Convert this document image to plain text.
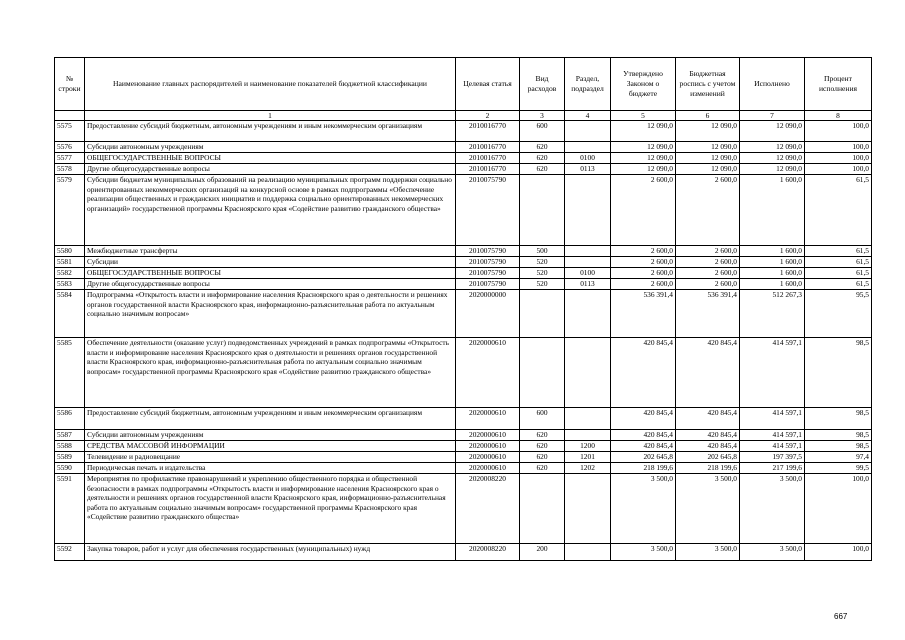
№ строки	Наименование главных распорядителей и наименование показателей бюджетной классификации	Целевая статья	Вид расходов	Раздел, подраздел	Утверждено Законом о бюджете	Бюджетная роспись с учетом изменений	Исполнено	Процент исполнения
	1	2	3	4	5	6	7	8
5575	Предоставление субсидий бюджетным, автономным учреждениям и иным некоммерческим организациям	2010016770	600		12 090,0	12 090,0	12 090,0	100,0
5576	Субсидии автономным учреждениям	2010016770	620		12 090,0	12 090,0	12 090,0	100,0
5577	ОБЩЕГОСУДАРСТВЕННЫЕ ВОПРОСЫ	2010016770	620	0100	12 090,0	12 090,0	12 090,0	100,0
5578	Другие общегосударственные вопросы	2010016770	620	0113	12 090,0	12 090,0	12 090,0	100,0
5579	Субсидии бюджетам муниципальных образований на реализацию муниципальных программ поддержки социально ориентированных некоммерческих организаций на конкурсной основе в рамках подпрограммы «Обеспечение реализации общественных и гражданских инициатив и поддержка социально ориентированных некоммерческих организаций» государственной программы Красноярского края «Содействие развитию гражданского общества»	2010075790			2 600,0	2 600,0	1 600,0	61,5
5580	Межбюджетные трансферты	2010075790	500		2 600,0	2 600,0	1 600,0	61,5
5581	Субсидии	2010075790	520		2 600,0	2 600,0	1 600,0	61,5
5582	ОБЩЕГОСУДАРСТВЕННЫЕ ВОПРОСЫ	2010075790	520	0100	2 600,0	2 600,0	1 600,0	61,5
5583	Другие общегосударственные вопросы	2010075790	520	0113	2 600,0	2 600,0	1 600,0	61,5
5584	Подпрограмма «Открытость власти и информирование населения Красноярского края о деятельности и решениях органов государственной власти Красноярского края, информационно-разъяснительная работа по актуальным социально значимым вопросам»	2020000000			536 391,4	536 391,4	512 267,3	95,5
5585	Обеспечение деятельности (оказание услуг) подведомственных учреждений в рамках подпрограммы «Открытость власти и информирование населения Красноярского края о деятельности и решениях органов государственной власти Красноярского края, информационно-разъяснительная работа по актуальным социально значимым вопросам» государственной программы Красноярского края «Содействие развитию гражданского общества»	2020000610			420 845,4	420 845,4	414 597,1	98,5
5586	Предоставление субсидий бюджетным, автономным учреждениям и иным некоммерческим организациям	2020000610	600		420 845,4	420 845,4	414 597,1	98,5
5587	Субсидии автономным учреждениям	2020000610	620		420 845,4	420 845,4	414 597,1	98,5
5588	СРЕДСТВА МАССОВОЙ ИНФОРМАЦИИ	2020000610	620	1200	420 845,4	420 845,4	414 597,1	98,5
5589	Телевидение и радиовещание	2020000610	620	1201	202 645,8	202 645,8	197 397,5	97,4
5590	Периодическая печать и издательства	2020000610	620	1202	218 199,6	218 199,6	217 199,6	99,5
5591	Мероприятия по профилактике правонарушений и укреплению общественного порядка и общественной безопасности в рамках подпрограммы «Открытость власти и информирование населения Красноярского края о деятельности и решениях органов государственной власти Красноярского края, информационно-разъяснительная работа по актуальным социально значимым вопросам» государственной программы Красноярского края «Содействие развитию гражданского общества»	2020008220			3 500,0	3 500,0	3 500,0	100,0
5592	Закупка товаров, работ и услуг для обеспечения государственных (муниципальных) нужд	2020008220	200		3 500,0	3 500,0	3 500,0	100,0
667
